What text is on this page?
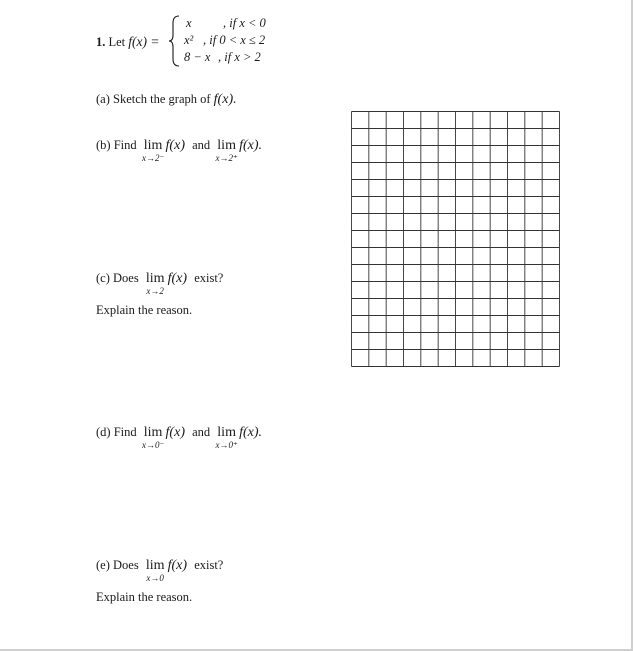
1. Let f(x) =
x	, if x < 0
x² , if 0 < x ≤ 2
8 − x , if x > 2
(a) Sketch the graph of f(x).
(b) Find lim
x→2⁻
f(x) and lim
x→2⁺
f(x).
(c) Does lim
x→2
f(x) exist?
Explain the reason.
(d) Find lim
x→0⁻
f(x) and lim
x→0⁺
f(x).
(e) Does lim
x→0
f(x) exist?
Explain the reason.
